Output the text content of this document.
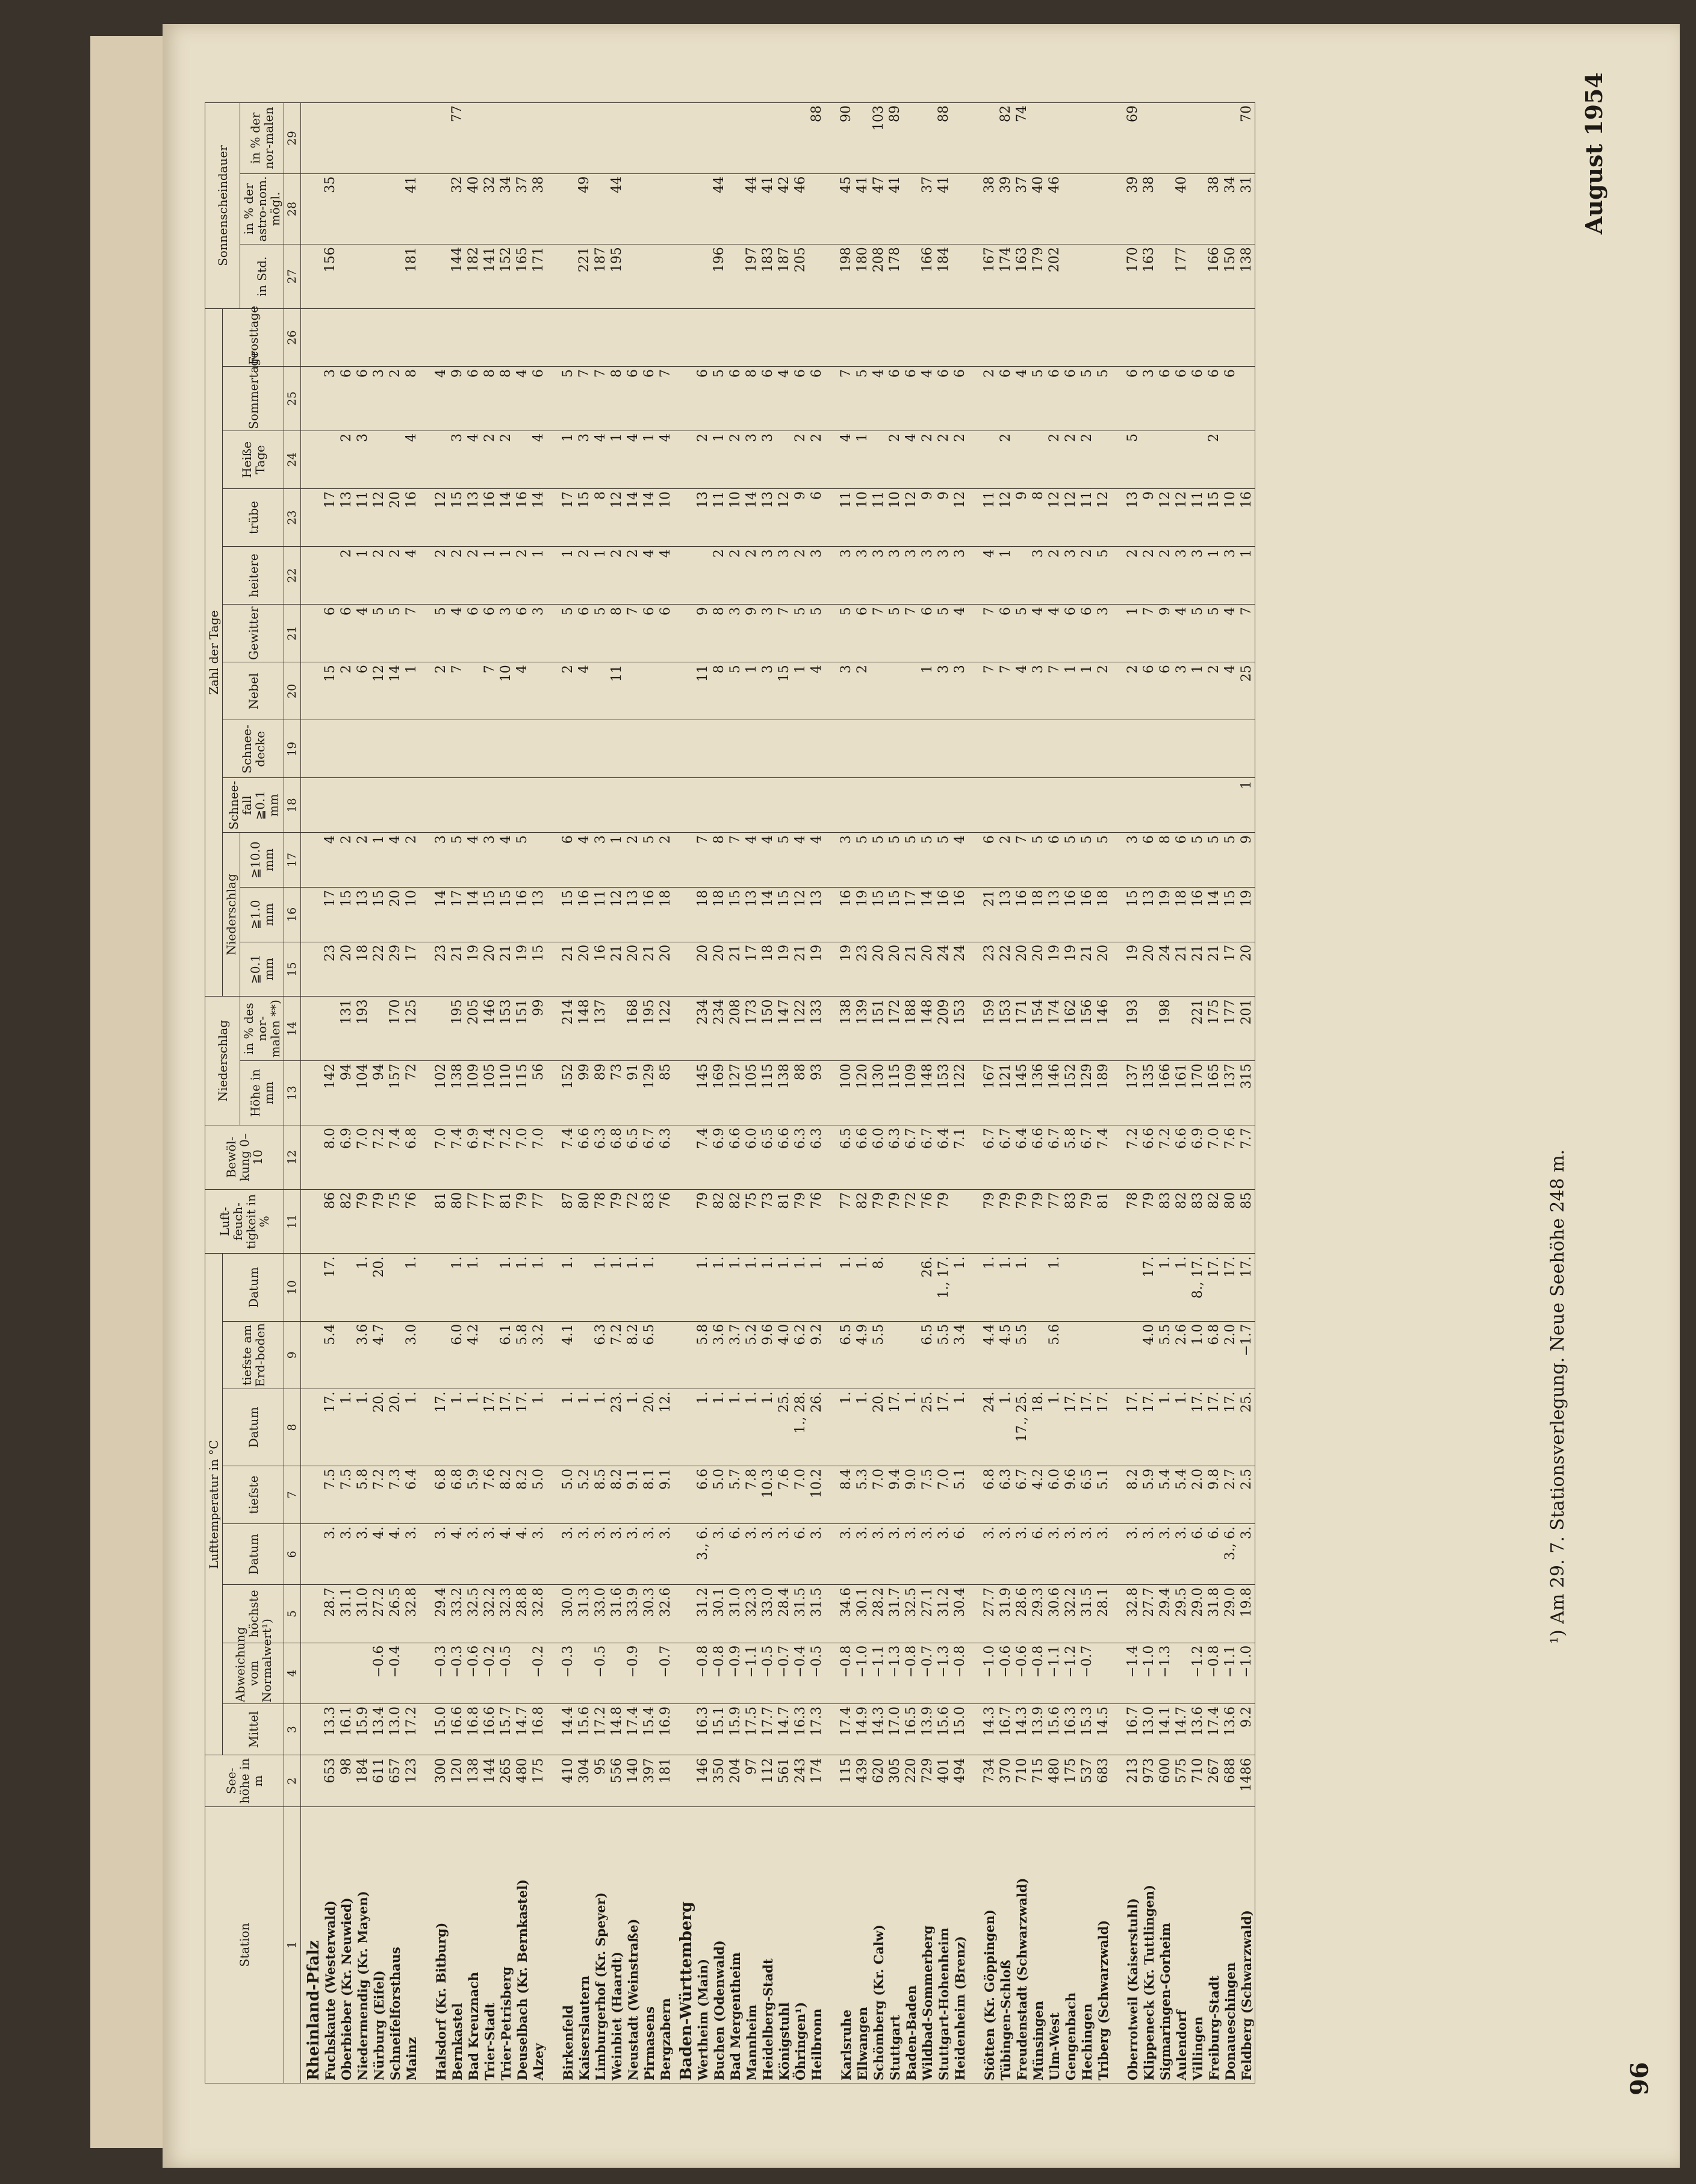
August 1954

96

Station	See-höhe in m	Lufttemperatur in °C								Luft-feuch-tigkeit in %	Bewöl-kung 0–10	Niederschlag		Zahl der Tage												Sonnenscheindauer		
		Mittel	Abweichung vom Normalwert¹)	höchste	Datum	tiefste	Datum	tiefste am Erd-boden	Datum					Niederschlag			Schnee-fall ≧0.1 mm	Schnee-decke	Nebel	Gewitter	heitere	trübe	Heiße Tage	Sommertage	Frosttage			
												Höhe in mm	in % des nor-malen **)	≧0.1 mm	≧1.0 mm	≧10.0 mm										in Std.	in % der astro-nom. mögl.	in % der nor-malen
1	2	3	4	5	6	7	8	9	10	11	12	13	14	15	16	17	18	19	20	21	22	23	24	25	26	27	28	29
Rheinland-Pfalz																												
Fuchskaute (Westerwald)	653	13.3		28.7	3.	7.5	17.	5.4	17.	86	8.0	142		23	17	4			15	6		17		3		156	35	
Oberbieber (Kr. Neuwied)	98	16.1		31.1	3.	7.5	1.			82	6.9	94	131	20	15	2			2	6	2	13	2	6				
Niedermendig (Kr. Mayen)	184	15.9		31.0	3.	5.8	1.	3.6	1.	79	7.0	104	193	18	13	2			6	4	1	11	3	6				
Nürburg (Eifel)	611	13.4	−0.6	27.2	4.	7.2	20.	4.7	20.	79	7.2	94		22	15	1			12	5	2	12		3				
Schneifelforsthaus	657	13.0	−0.4	26.5	4.	7.3	20.			75	7.4	157	170	29	20	4			14	5	2	20		2				
Mainz	123	17.2		32.8	3.	6.4	1.	3.0	1.	76	6.8	72	125	17	10	2			1	7	4	16	4	8		181	41	

Halsdorf (Kr. Bitburg)	300	15.0	−0.3	29.4	3.	6.8	17.			81	7.0	102		23	14	3			2	5	2	12		4				
Bernkastel	120	16.6	−0.3	33.2	4.	6.8	1.	6.0	1.	80	7.4	138	195	21	17	5			7	4	2	15	3	9		144	32	77
Bad Kreuznach	138	16.8	−0.6	32.5	3.	5.9	1.	4.2	1.	77	6.9	109	205	19	14	4				6	2	13	4	6		182	40	
Trier-Stadt	144	16.6	−0.2	32.2	3.	7.6	17.			77	7.4	105	146	20	15	3			7	6	1	16	2	8		141	32	
Trier-Petrisberg	265	15.7	−0.5	32.3	4.	8.2	17.	6.1	1.	81	7.2	110	153	21	15	4			10	3	1	14	2	8		152	34	
Deuselbach (Kr. Bernkastel)	480	14.7		28.8	4.	8.2	17.	5.8	1.	79	7.0	115	151	19	16	5			4	6	2	16		4		165	37	
Alzey	175	16.8	−0.2	32.8	3.	5.0	1.	3.2	1.	77	7.0	56	99	15	13					3	1	14	4	6		171	38	

Birkenfeld	410	14.4	−0.3	30.0	3.	5.0	1.	4.1	1.	87	7.4	152	214	21	15	6			2	5	1	17	1	5				
Kaiserslautern	304	15.6		31.3	3.	5.2	1.			80	6.6	99	148	20	16	4			4	6	2	15	3	7		221	49	
Limburgerhof (Kr. Speyer)	95	17.2	−0.5	33.0	3.	8.5	1.	6.3	1.	78	6.3	89	137	16	11	3				5	1	8	4	7		187		
Weinbiet (Haardt)	556	14.8		31.6	3.	8.2	23.	7.2	1.	79	6.8	73		21	12	1			11	8	2	12	1	8		195	44	
Neustadt (Weinstraße)	140	17.4	−0.9	33.9	3.	9.1	1.	8.2	1.	72	6.5	91	168	20	13	2				7	2	14	4	6				
Pirmasens	397	15.4		30.3	3.	8.1	20.	6.5	1.	83	6.7	129	195	21	16	5				6	4	14	1	6				
Bergzabern	181	16.9	−0.7	32.6	3.	9.1	12.			76	6.3	85	122	20	18	2				6	4	10	4	7				
Baden-Württemberg																												
Wertheim (Main)	146	16.3	−0.8	31.2	3., 6.	6.6	1.	5.8	1.	79	7.4	145	234	20	18	7			11	9		13	2	6				
Buchen (Odenwald)	350	15.1	−0.8	30.1	3.	5.0	1.	3.6	1.	82	6.9	169	234	20	18	8			8	8	2	11	1	5		196	44	
Bad Mergentheim	204	15.9	−0.9	31.0	6.	5.7	1.	3.7	1.	82	6.6	127	208	21	15	7			5	3	2	10	2	6				
Mannheim	97	17.5	−1.1	32.3	3.	7.8	1.	5.2	1.	75	6.0	105	173	17	13	4			1	9	2	14	3	8		197	44	
Heidelberg-Stadt	112	17.7	−0.5	33.0	3.	10.3	1.	9.6	1.	73	6.5	115	150	18	14	4			3	3	3	13	3	6		183	41	
Königstuhl	561	14.7	−0.7	28.4	3.	7.6	25.	4.0	1.	81	6.6	138	147	19	15	5			15	7	3	12		4		187	42	
Öhringen¹)	243	16.3	−0.4	31.5	6.	7.0	1., 28.	6.2	1.	79	6.3	88	122	21	12	4			1	5	2	9	2	6		205	46	
Heilbronn	174	17.3	−0.5	31.5	3.	10.2	26.	9.2	1.	76	6.3	93	133	19	13	4			4	5	3	6	2	6				88

Karlsruhe	115	17.4	−0.8	34.6	3.	8.4	1.	6.5	1.	77	6.5	100	138	19	16	3			3	5	3	11	4	7		198	45	90
Ellwangen	439	14.9	−1.0	30.1	3.	5.3	1.	4.9	1.	82	6.6	120	139	23	19	5			2	6	3	10	1	5		180	41	
Schömberg (Kr. Calw)	620	14.3	−1.1	28.2	3.	7.0	20.	5.5	8.	79	6.0	130	151	20	15	5				7	3	11		4		208	47	103
Stuttgart	305	17.0	−1.3	31.7	3.	9.4	17.			79	6.3	115	172	20	15	5				5	3	10	2	6		178	41	89
Baden-Baden	220	16.5	−0.8	32.5	3.	9.0	1.			72	6.7	109	188	21	17	5				7	3	12	4	6				
Wildbad-Sommerberg	729	13.9	−0.7	27.1	3.	7.5	25.	6.5	26.	76	6.7	148	148	20	14	5			1	6	3	9	2	4		166	37	
Stuttgart-Hohenheim	401	15.6	−1.3	31.2	3.	7.0	17.	5.5	1., 17.	79	6.4	153	209	24	16	5			3	5	3	9	2	6		184	41	88
Heidenheim (Brenz)	494	15.0	−0.8	30.4	6.	5.1	1.	3.4	1.		7.1	122	153	24	16	4			3	4	3	12	2	6				

Stötten (Kr. Göppingen)	734	14.3	−1.0	27.7	3.	6.8	24.	4.4	1.	79	6.7	167	159	23	21	6			7	7	4	11		2		167	38	
Tübingen-Schloß	370	16.7	−0.6	31.9	3.	6.3	1.	4.5	1.	79	6.7	121	153	22	13	2			7	6	1	12	2	6		174	39	82
Freudenstadt (Schwarzwald)	710	14.3	−0.6	28.6	3.	6.7	17., 25.	5.5	1.	79	6.4	145	171	20	16	7			4	5		9		4		163	37	74
Münsingen	715	13.9	−0.8	29.3	6.	4.2	18.			79	6.6	136	154	20	18	5			3	4	3	8		5		179	40	
Ulm-West	480	15.6	−1.1	30.6	3.	6.0	1.	5.6	1.	77	6.7	146	174	19	13	6			7	4	2	12	2	6		202	46	
Gengenbach	175	16.3	−1.2	32.2	3.	9.6	17.			83	5.8	152	162	19	16	5			1	6	3	12	2	6				
Hechingen	537	15.3	−0.7	31.5	3.	6.5	17.			79	6.7	129	156	21	16	5			1	6	2	11	2	5				
Triberg (Schwarzwald)	683	14.5		28.1	3.	5.1	17.			81	7.4	189	146	20	18	5			2	3	5	12		5				

Oberrotweil (Kaiserstuhl)	213	16.7	−1.4	32.8	3.	8.2	17.			78	7.2	137	193	19	15	3			2	1	2	13	5	6		170	39	69
Klippeneck (Kr. Tuttlingen)	973	13.0	−1.0	27.7	3.	5.9	17.	4.0	17.	79	6.6	135		20	13	6			6	7	2	9		3		163	38	
Sigmaringen-Gorheim	600	14.1	−1.3	29.4	3.	5.4	1.	5.5	1.	83	7.2	166	198	24	19	8			6	9	2	12		6				
Aulendorf	575	14.7		29.5	3.	5.4	1.	2.6	1.	82	6.6	161		21	18	6			3	4	3	12		6		177	40	
Villingen	710	13.6	−1.2	29.0	6.	2.0	17.	1.0	8., 17.	83	6.9	170	221	21	16	5			1	5	3	11		6				
Freiburg-Stadt	267	17.4	−0.8	31.8	6.	9.8	17.	6.8	17.	82	7.0	165	175	21	14	5			2	5	1	15	2	6		166	38	
Donaueschingen	688	13.6	−1.1	29.0	3., 6.	2.7	17.	2.0	17.	80	7.6	137	177	17	15	5			4	4	3	10		6		150	34	
Feldberg (Schwarzwald)	1486	9.2	−1.0	19.8	3.	2.5	25.	−1.7	17.	85	7.7	315	201	20	19	9	1		25	7	1	16				138	31	70

¹) Am 29. 7. Stationsverlegung. Neue Seehöhe 248 m.
